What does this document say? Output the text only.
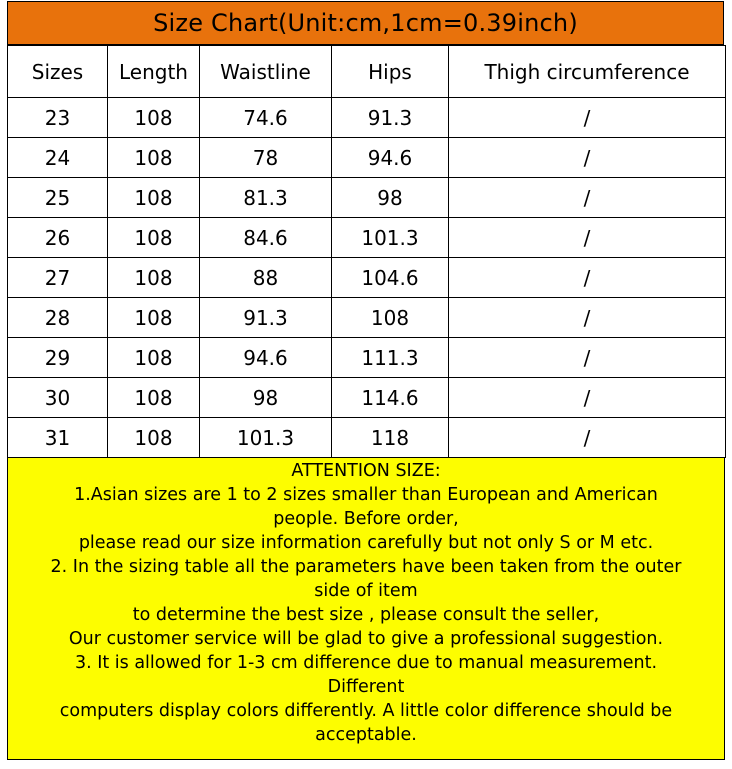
Size Chart(Unit:cm,1cm=0.39inch)
Sizes	Length	Waistline	Hips	Thigh circumference
23	108	74.6	91.3	/
24	108	78	94.6	/
25	108	81.3	98	/
26	108	84.6	101.3	/
27	108	88	104.6	/
28	108	91.3	108	/
29	108	94.6	111.3	/
30	108	98	114.6	/
31	108	101.3	118	/
ATTENTION SIZE:
1.Asian sizes are 1 to 2 sizes smaller than European and American
people. Before order,
please read our size information carefully but not only S or M etc.
2. In the sizing table all the parameters have been taken from the outer
side of item
to determine the best size , please consult the seller,
Our customer service will be glad to give a professional suggestion.
3. It is allowed for 1-3 cm difference due to manual measurement.
Different
computers display colors differently. A little color difference should be
acceptable.
